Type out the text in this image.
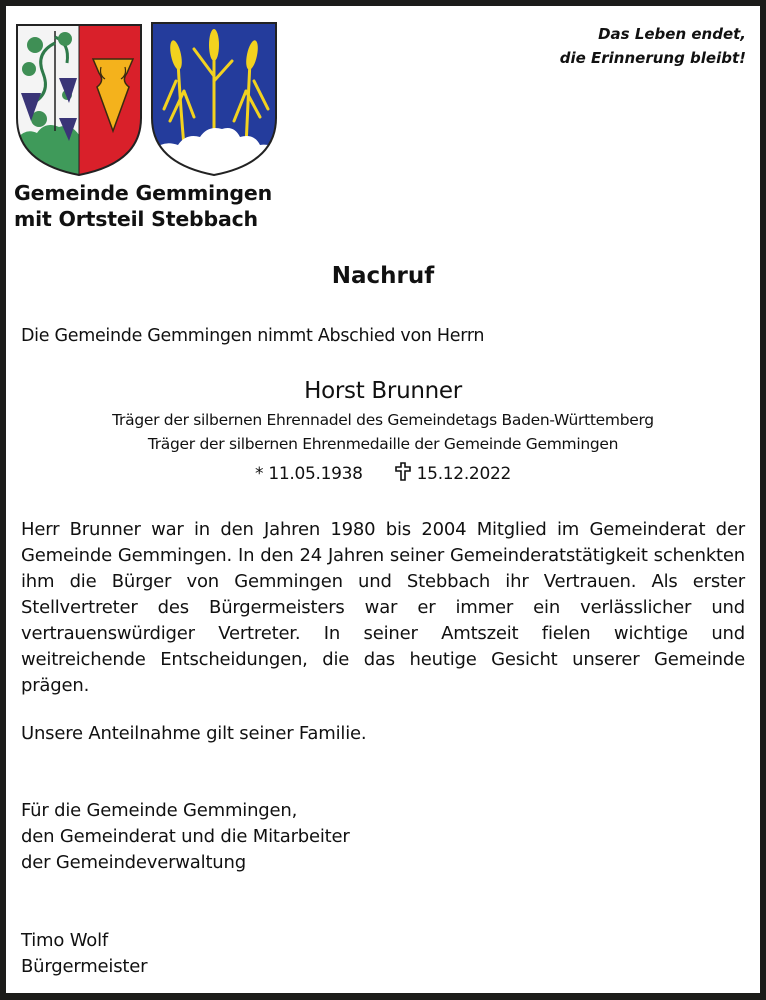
Gemeinde Gemmingen
mit Ortsteil Stebbach
Das Leben endet,
die Erinnerung bleibt!
Nachruf
Die Gemeinde Gemmingen nimmt Abschied von Herrn
Horst Brunner
Träger der silbernen Ehrennadel des Gemeindetags Baden-Württemberg
Träger der silbernen Ehrenmedaille der Gemeinde Gemmingen
* 11.05.1938	15.12.2022
Herr Brunner war in den Jahren 1980 bis 2004 Mitglied im Gemeinderat der Gemeinde Gemmingen. In den 24 Jahren seiner Gemeinderatstätigkeit schenkten ihm die Bürger von Gemmingen und Stebbach ihr Vertrauen. Als erster Stellvertreter des Bürgermeisters war er immer ein verlässlicher und vertrauenswürdiger Vertreter. In seiner Amtszeit fielen wichtige und weitreichende Entscheidungen, die das heutige Gesicht unserer Gemeinde prägen.
Unsere Anteilnahme gilt seiner Familie.
Für die Gemeinde Gemmingen,
den Gemeinderat und die Mitarbeiter
der Gemeindeverwaltung
Timo Wolf
Bürgermeister
